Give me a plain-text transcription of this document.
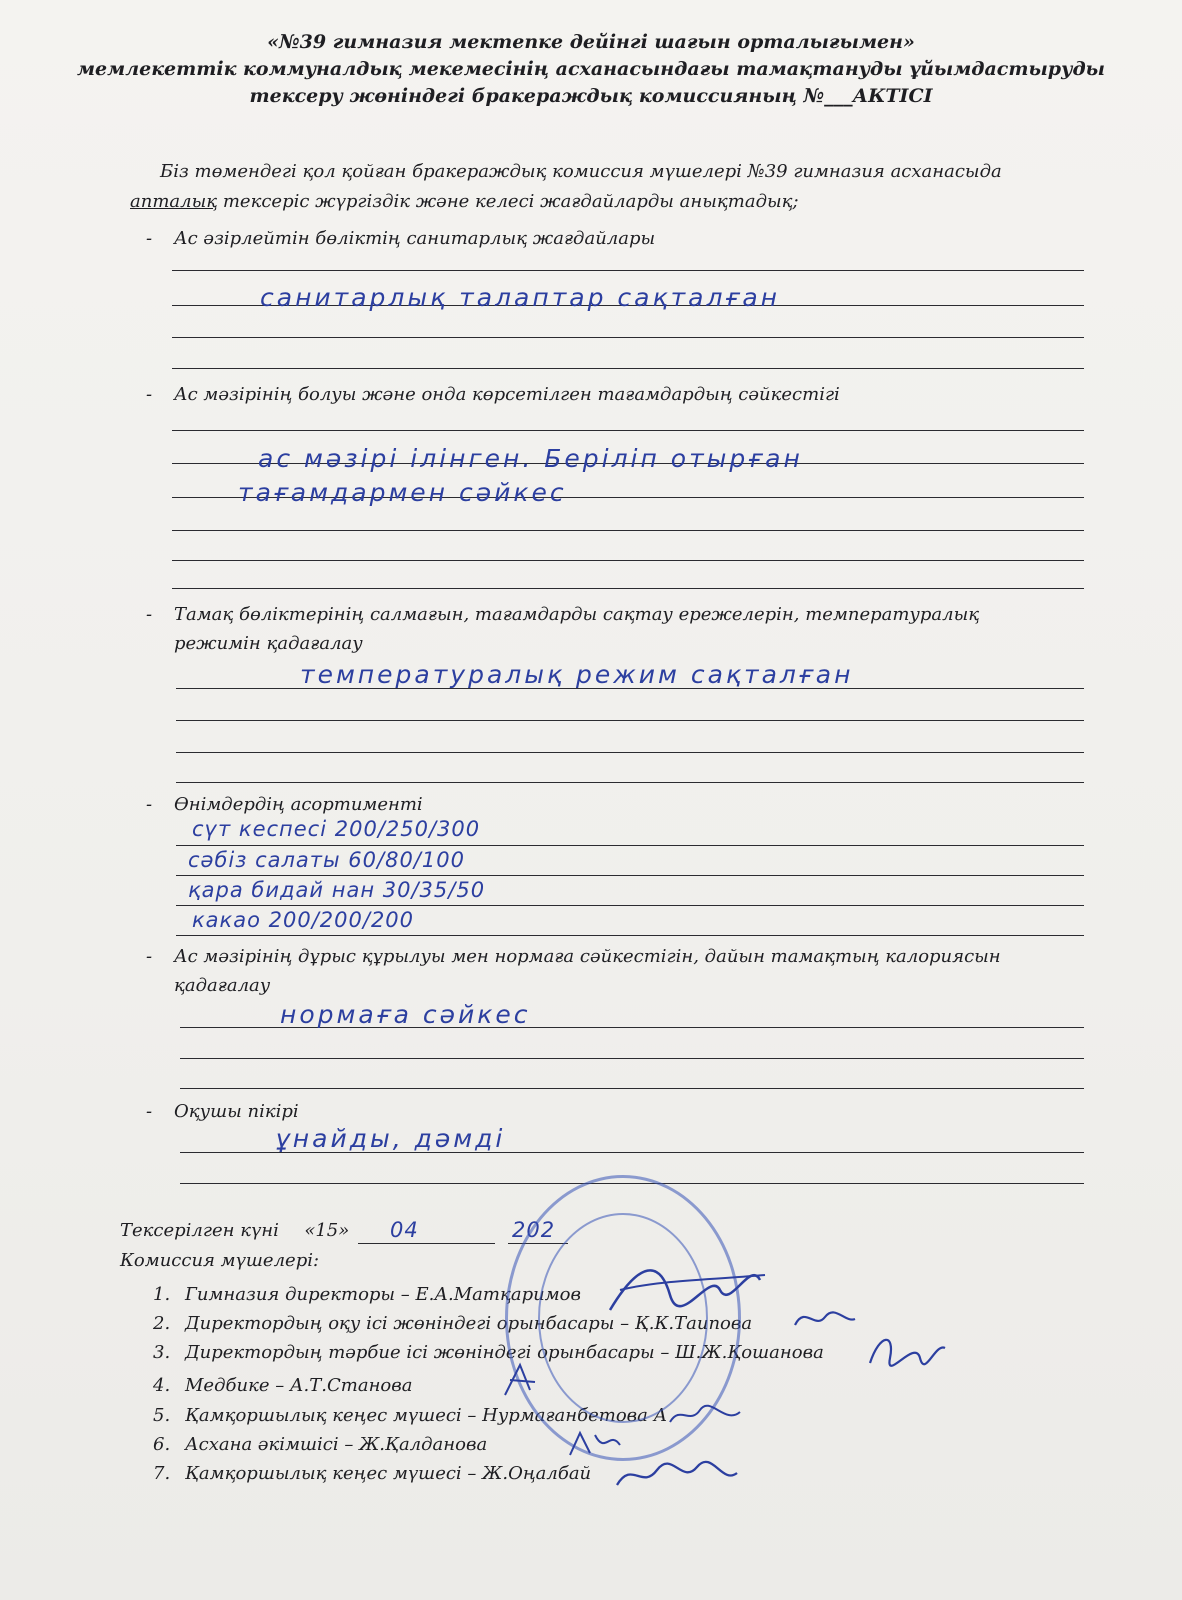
«№39 гимназия мектепке дейінгі шағын орталығымен»
мемлекеттік коммуналдық мекемесінің асханасындағы тамақтануды ұйымдастыруды
тексеру жөніндегі бракераждық комиссияның №___АКТІСІ
Біз төмендегі қол қойған бракераждық комиссия мүшелері №39 гимназия асханасыда
апталық тексеріс жүргіздік және келесі жағдайларды анықтадық;
- Ас әзірлейтін бөліктің санитарлық жағдайлары
санитарлық талаптар сақталған
- Ас мәзірінің болуы және онда көрсетілген тағамдардың сәйкестігі
ас мәзірі ілінген. Беріліп отырған
тағамдармен сәйкес
- Тамақ бөліктерінің салмағын, тағамдарды сақтау ережелерін, температуралық
режимін қадағалау
температуралық режим сақталған
- Өнімдердің асортименті
сүт кеспесі 200/250/300
сәбіз салаты 60/80/100
қара бидай нан 30/35/50
какао 200/200/200
- Ас мәзірінің дұрыс құрылуы мен нормаға сәйкестігін, дайын тамақтың калориясын
қадағалау
нормаға сәйкес
- Оқушы пікірі
ұнайды, дәмді
Тексерілген күні «15» 04	202
Комиссия мүшелері:
1. Гимназия директоры – Е.А.Матқаримов
2. Директордың оқу ісі жөніндегі орынбасары – Қ.К.Таипова
3. Директордың тәрбие ісі жөніндегі орынбасары – Ш.Ж.Қошанова
4. Медбике – А.Т.Станова
5. Қамқоршылық кеңес мүшесі – Нурмағанбетова А
6. Асхана әкімшісі – Ж.Қалданова
7. Қамқоршылық кеңес мүшесі – Ж.Оңалбай
